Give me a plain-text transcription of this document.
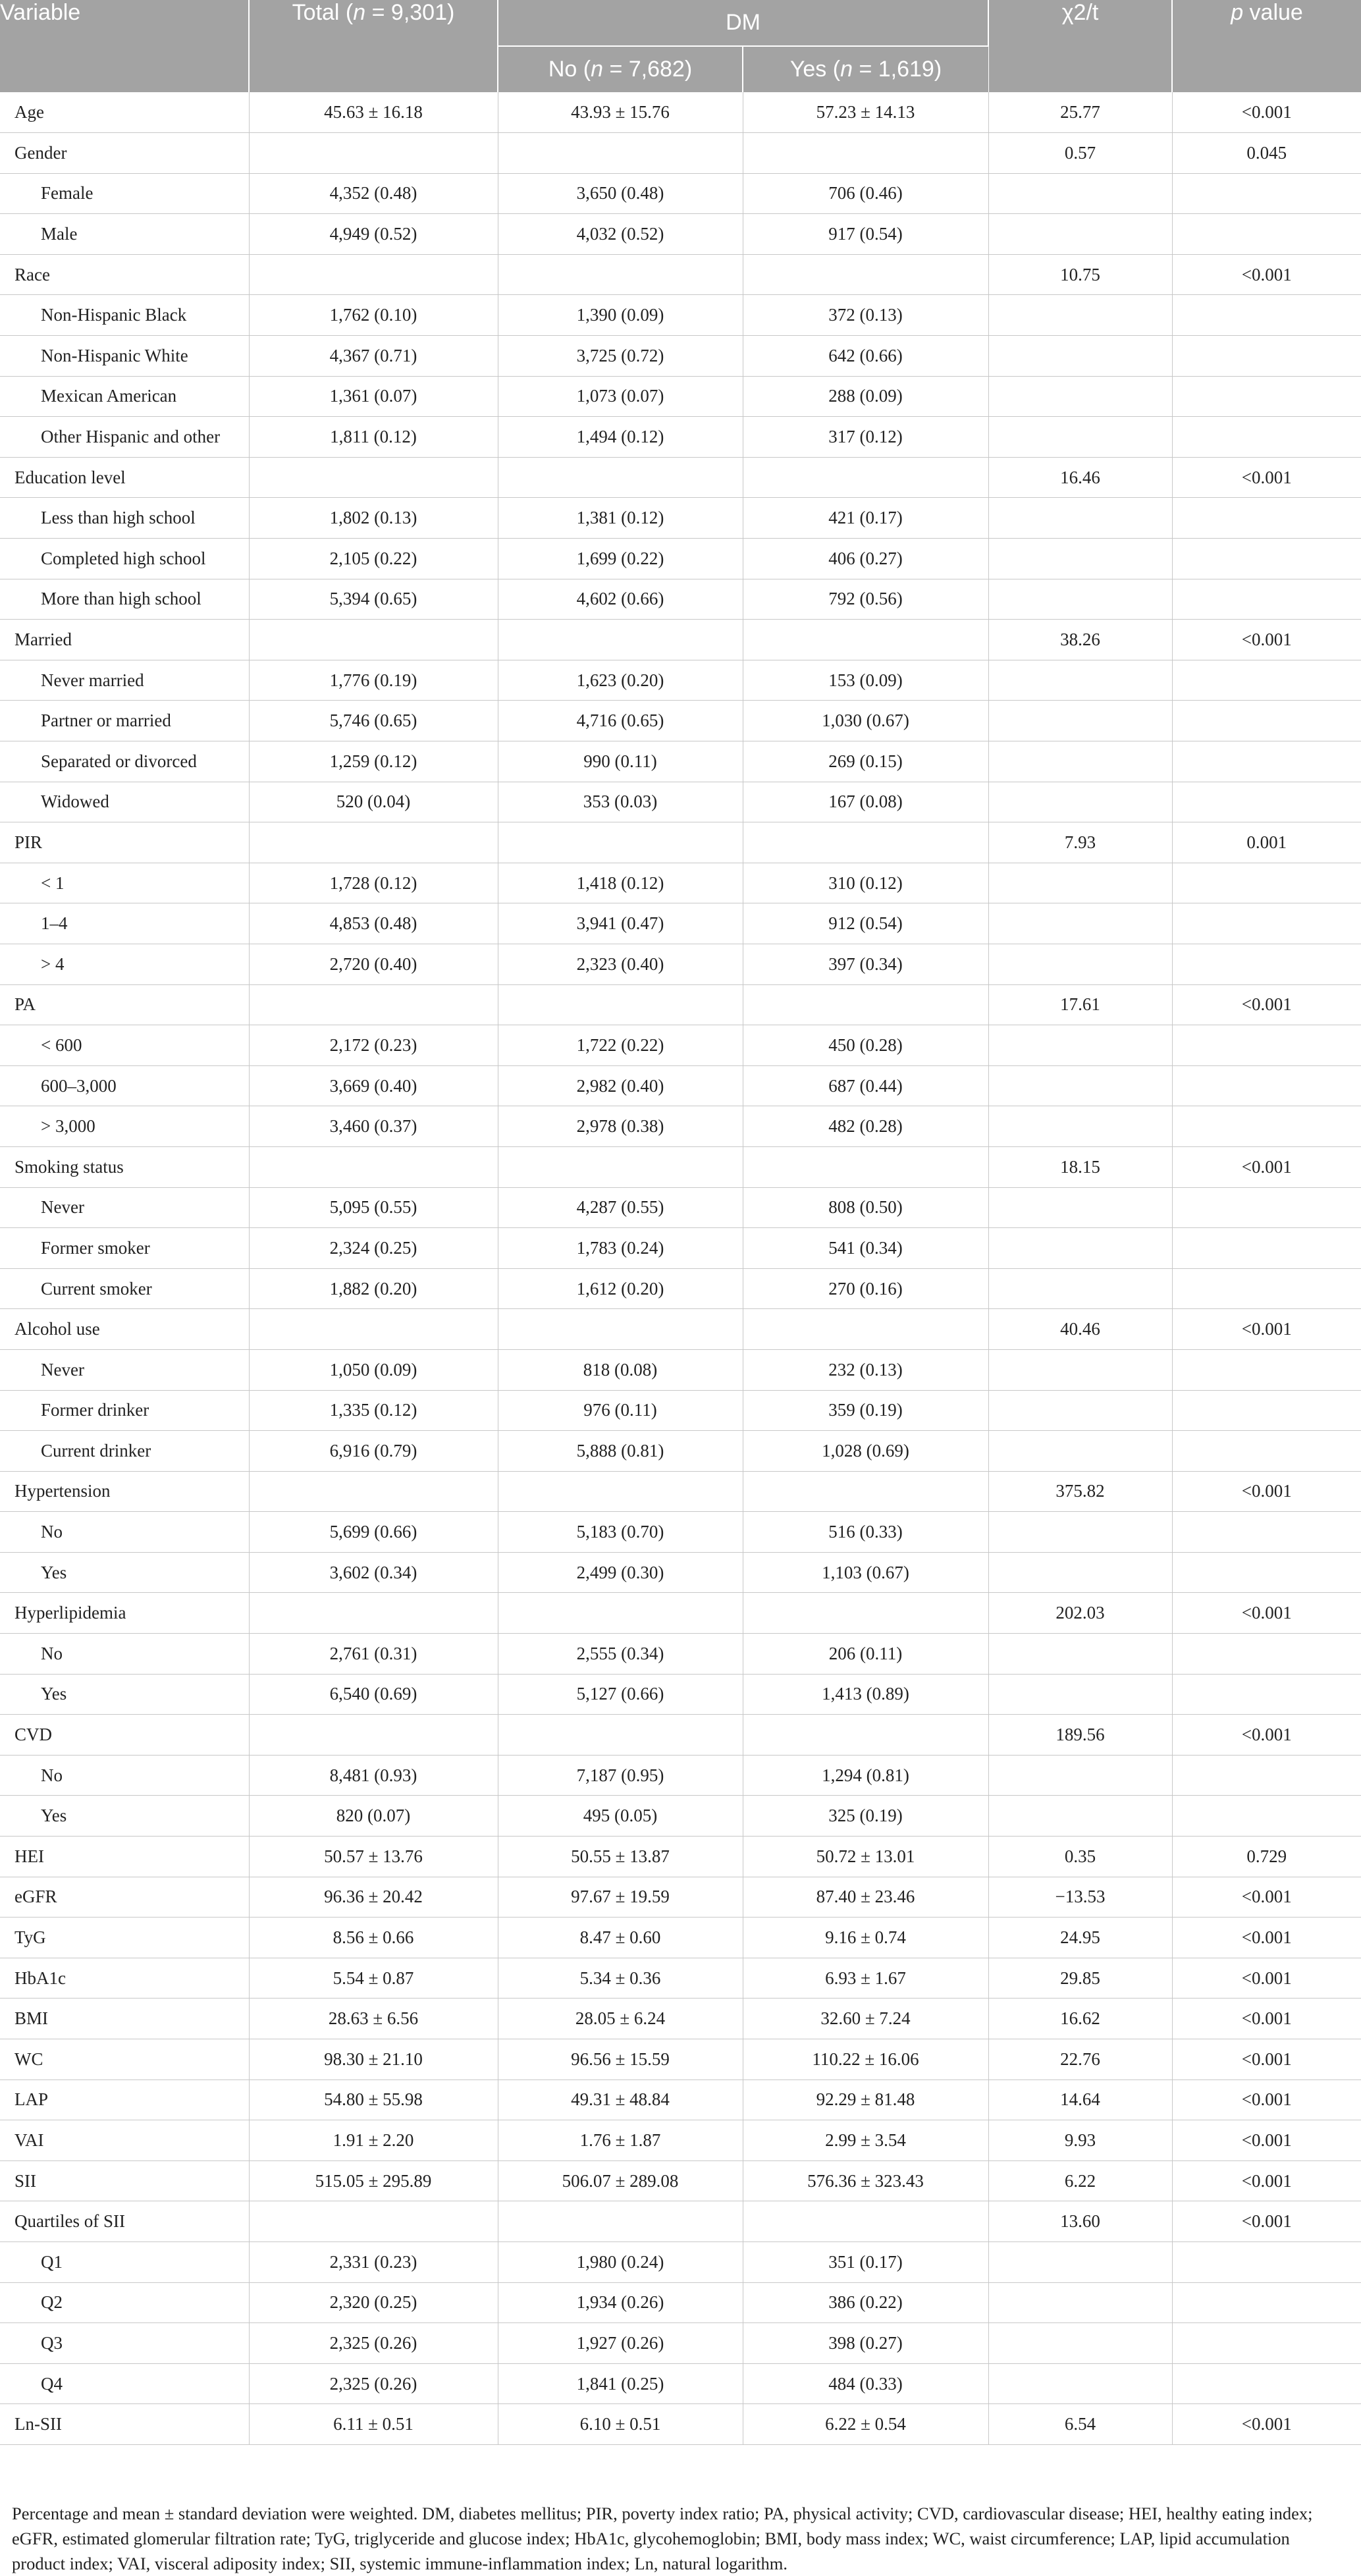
Variable	Total (n = 9,301)	DM		χ2/t	p value
		No (n = 7,682)	Yes (n = 1,619)		
Age	45.63 ± 16.18	43.93 ± 15.76	57.23 ± 14.13	25.77	<0.001
Gender				0.57	0.045
Female	4,352 (0.48)	3,650 (0.48)	706 (0.46)		
Male	4,949 (0.52)	4,032 (0.52)	917 (0.54)		
Race				10.75	<0.001
Non-Hispanic Black	1,762 (0.10)	1,390 (0.09)	372 (0.13)		
Non-Hispanic White	4,367 (0.71)	3,725 (0.72)	642 (0.66)		
Mexican American	1,361 (0.07)	1,073 (0.07)	288 (0.09)		
Other Hispanic and other	1,811 (0.12)	1,494 (0.12)	317 (0.12)		
Education level				16.46	<0.001
Less than high school	1,802 (0.13)	1,381 (0.12)	421 (0.17)		
Completed high school	2,105 (0.22)	1,699 (0.22)	406 (0.27)		
More than high school	5,394 (0.65)	4,602 (0.66)	792 (0.56)		
Married				38.26	<0.001
Never married	1,776 (0.19)	1,623 (0.20)	153 (0.09)		
Partner or married	5,746 (0.65)	4,716 (0.65)	1,030 (0.67)		
Separated or divorced	1,259 (0.12)	990 (0.11)	269 (0.15)		
Widowed	520 (0.04)	353 (0.03)	167 (0.08)		
PIR				7.93	0.001
< 1	1,728 (0.12)	1,418 (0.12)	310 (0.12)		
1–4	4,853 (0.48)	3,941 (0.47)	912 (0.54)		
> 4	2,720 (0.40)	2,323 (0.40)	397 (0.34)		
PA				17.61	<0.001
< 600	2,172 (0.23)	1,722 (0.22)	450 (0.28)		
600–3,000	3,669 (0.40)	2,982 (0.40)	687 (0.44)		
> 3,000	3,460 (0.37)	2,978 (0.38)	482 (0.28)		
Smoking status				18.15	<0.001
Never	5,095 (0.55)	4,287 (0.55)	808 (0.50)		
Former smoker	2,324 (0.25)	1,783 (0.24)	541 (0.34)		
Current smoker	1,882 (0.20)	1,612 (0.20)	270 (0.16)		
Alcohol use				40.46	<0.001
Never	1,050 (0.09)	818 (0.08)	232 (0.13)		
Former drinker	1,335 (0.12)	976 (0.11)	359 (0.19)		
Current drinker	6,916 (0.79)	5,888 (0.81)	1,028 (0.69)		
Hypertension				375.82	<0.001
No	5,699 (0.66)	5,183 (0.70)	516 (0.33)		
Yes	3,602 (0.34)	2,499 (0.30)	1,103 (0.67)		
Hyperlipidemia				202.03	<0.001
No	2,761 (0.31)	2,555 (0.34)	206 (0.11)		
Yes	6,540 (0.69)	5,127 (0.66)	1,413 (0.89)		
CVD				189.56	<0.001
No	8,481 (0.93)	7,187 (0.95)	1,294 (0.81)		
Yes	820 (0.07)	495 (0.05)	325 (0.19)		
HEI	50.57 ± 13.76	50.55 ± 13.87	50.72 ± 13.01	0.35	0.729
eGFR	96.36 ± 20.42	97.67 ± 19.59	87.40 ± 23.46	−13.53	<0.001
TyG	8.56 ± 0.66	8.47 ± 0.60	9.16 ± 0.74	24.95	<0.001
HbA1c	5.54 ± 0.87	5.34 ± 0.36	6.93 ± 1.67	29.85	<0.001
BMI	28.63 ± 6.56	28.05 ± 6.24	32.60 ± 7.24	16.62	<0.001
WC	98.30 ± 21.10	96.56 ± 15.59	110.22 ± 16.06	22.76	<0.001
LAP	54.80 ± 55.98	49.31 ± 48.84	92.29 ± 81.48	14.64	<0.001
VAI	1.91 ± 2.20	1.76 ± 1.87	2.99 ± 3.54	9.93	<0.001
SII	515.05 ± 295.89	506.07 ± 289.08	576.36 ± 323.43	6.22	<0.001
Quartiles of SII				13.60	<0.001
Q1	2,331 (0.23)	1,980 (0.24)	351 (0.17)		
Q2	2,320 (0.25)	1,934 (0.26)	386 (0.22)		
Q3	2,325 (0.26)	1,927 (0.26)	398 (0.27)		
Q4	2,325 (0.26)	1,841 (0.25)	484 (0.33)		
Ln-SII	6.11 ± 0.51	6.10 ± 0.51	6.22 ± 0.54	6.54	<0.001
Percentage and mean ± standard deviation were weighted. DM, diabetes mellitus; PIR, poverty index ratio; PA, physical activity; CVD, cardiovascular disease; HEI, healthy eating index; eGFR, estimated glomerular filtration rate; TyG, triglyceride and glucose index; HbA1c, glycohemoglobin; BMI, body mass index; WC, waist circumference; LAP, lipid accumulation product index; VAI, visceral adiposity index; SII, systemic immune-inflammation index; Ln, natural logarithm.
